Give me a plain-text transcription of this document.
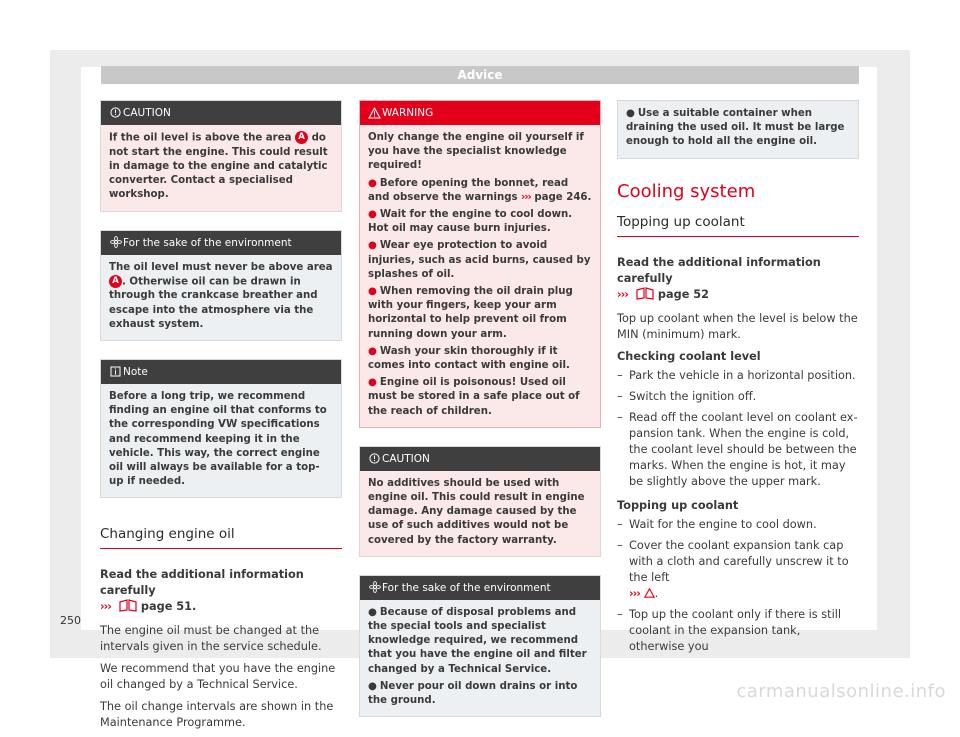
Advice
CAUTION
If the oil level is above the area A do not start the engine. This could result in damage to the engine and catalytic converter. Contact a specialised workshop.
For the sake of the environment
The oil level must never be above area A . Otherwise oil can be drawn in through the crankcase breather and escape into the atmosphere via the exhaust system.
Note
Before a long trip, we recommend finding an engine oil that conforms to the corresponding VW specifications and recommend keeping it in the vehicle. This way, the correct engine oil will always be available for a top-up if needed.
Changing engine oil

Read the additional information carefully
›››	page 51.

The engine oil must be changed at the intervals given in the service schedule.

We recommend that you have the engine oil changed by a Technical Service.

The oil change intervals are shown in the Maintenance Programme.

WARNING
Only change the engine oil yourself if you have the specialist knowledge required!
● Before opening the bonnet, read and observe the warnings ››› page 246.
● Wait for the engine to cool down. Hot oil may cause burn injuries.
● Wear eye protection to avoid injuries, such as acid burns, caused by splashes of oil.
● When removing the oil drain plug with your fingers, keep your arm horizontal to help prevent oil from running down your arm.
● Wash your skin thoroughly if it comes into contact with engine oil.
● Engine oil is poisonous! Used oil must be stored in a safe place out of the reach of children.
CAUTION
No additives should be used with engine oil. This could result in engine damage. Any damage caused by the use of such additives would not be covered by the factory warranty.
For the sake of the environment
● Because of disposal problems and the special tools and specialist knowledge required, we recommend that you have the engine oil and filter changed by a Technical Service.
● Never pour oil down drains or into the ground.
● Use a suitable container when draining the used oil. It must be large enough to hold all the engine oil.
Cooling system
Topping up coolant

Read the additional information carefully
›››	page 52

Top up coolant when the level is below the MIN (minimum) mark.

Checking coolant level

– Park the vehicle in a horizontal position.
– Switch the ignition off.
– Read off the coolant level on coolant expansion tank. When the engine is cold, the coolant level should be between the marks. When the engine is hot, it may be slightly above the upper mark.

Topping up coolant

– Wait for the engine to cool down.
– Cover the coolant expansion tank cap with a cloth and carefully unscrew it to the left
››› .
– Top up the coolant only if there is still coolant in the expansion tank, otherwise you
250
carmanualsonline.info
